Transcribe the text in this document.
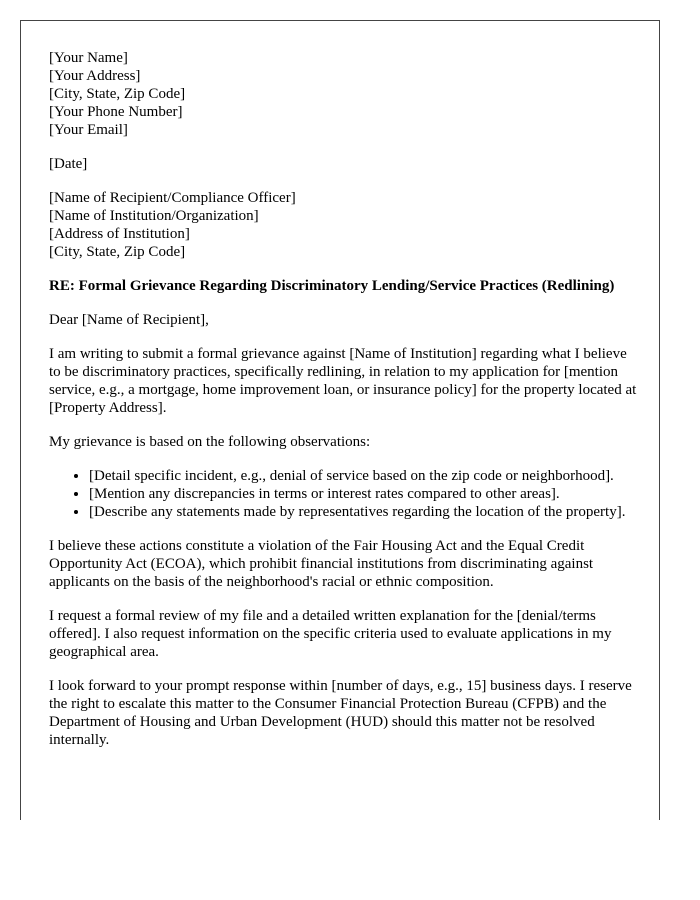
[Your Name]
[Your Address]
[City, State, Zip Code]
[Your Phone Number]
[Your Email]
[Date]
[Name of Recipient/Compliance Officer]
[Name of Institution/Organization]
[Address of Institution]
[City, State, Zip Code]
RE: Formal Grievance Regarding Discriminatory Lending/Service Practices (Redlining)

Dear [Name of Recipient],

I am writing to submit a formal grievance against [Name of Institution] regarding what I believe to be discriminatory practices, specifically redlining, in relation to my application for [mention service, e.g., a mortgage, home improvement loan, or insurance policy] for the property located at [Property Address].

My grievance is based on the following observations:

• [Detail specific incident, e.g., denial of service based on the zip code or neighborhood].
• [Mention any discrepancies in terms or interest rates compared to other areas].
• [Describe any statements made by representatives regarding the location of the property].

I believe these actions constitute a violation of the Fair Housing Act and the Equal Credit Opportunity Act (ECOA), which prohibit financial institutions from discriminating against applicants on the basis of the neighborhood's racial or ethnic composition.

I request a formal review of my file and a detailed written explanation for the [denial/terms offered]. I also request information on the specific criteria used to evaluate applications in my geographical area.

I look forward to your prompt response within [number of days, e.g., 15] business days. I reserve the right to escalate this matter to the Consumer Financial Protection Bureau (CFPB) and the Department of Housing and Urban Development (HUD) should this matter not be resolved internally.
